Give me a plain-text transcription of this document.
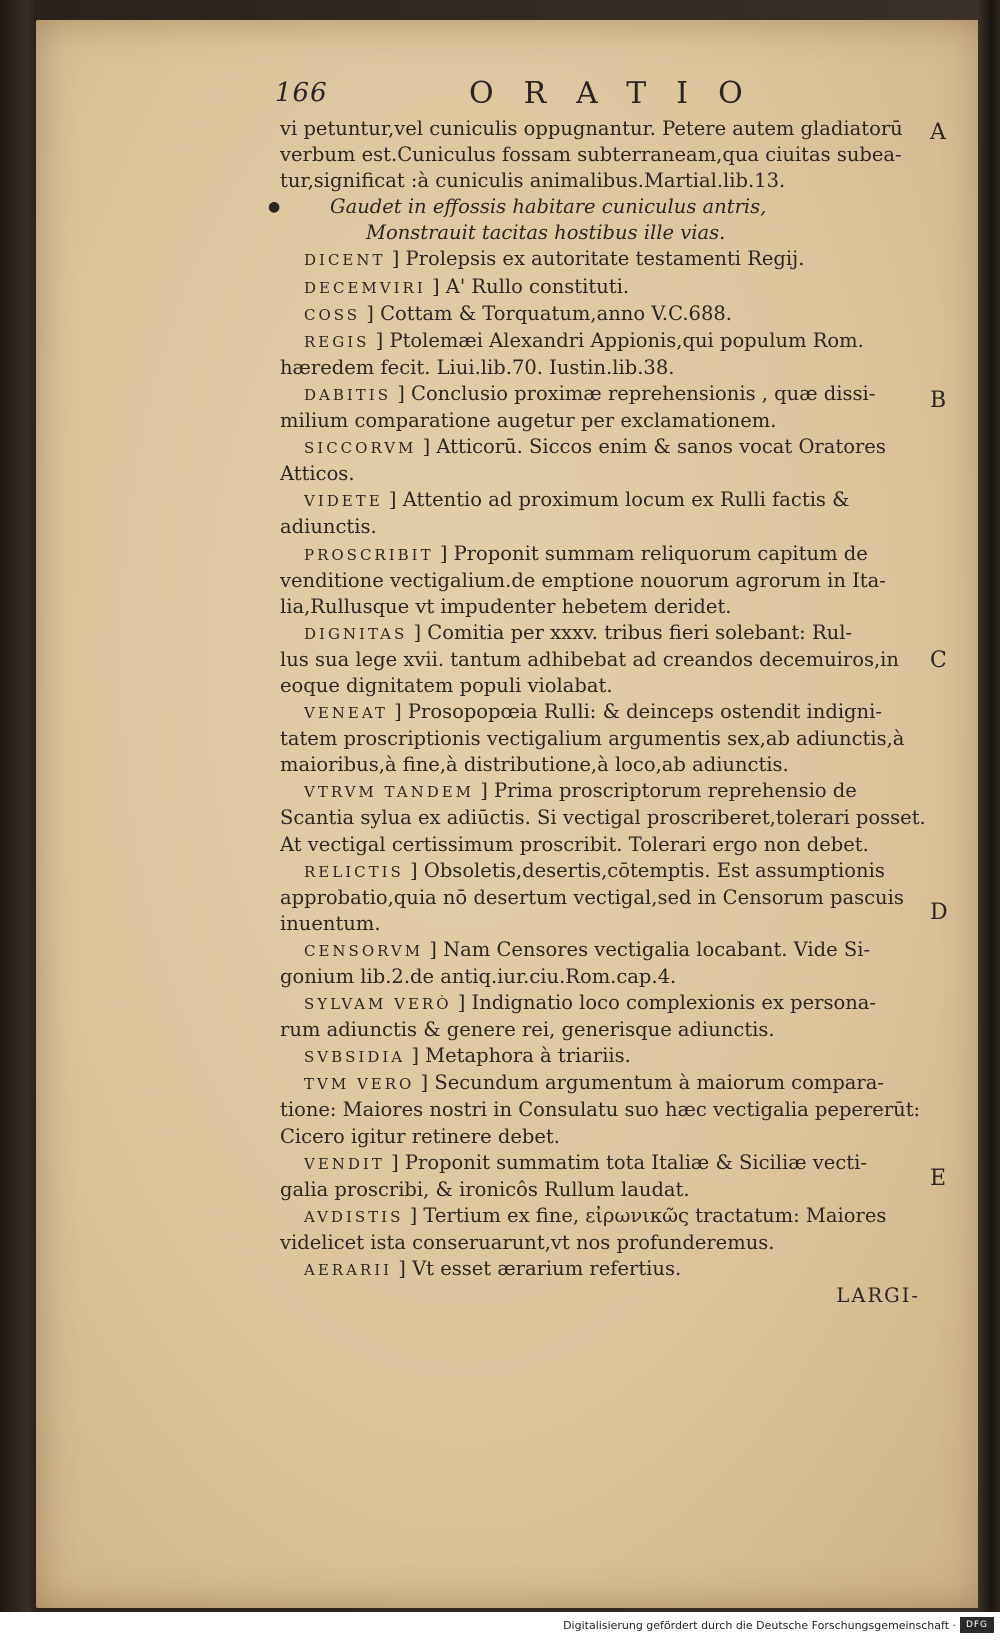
166	ORATIO
●
vi petuntur,vel cuniculis oppugnantur. Petere autem gladiatorū
verbum est.Cuniculus fossam subterraneam,qua ciuitas subea-
tur,significat :à cuniculis animalibus.Martial.lib.13.
Gaudet in effossis habitare cuniculus antris,
Monstrauit tacitas hostibus ille vias.
DICENT ] Prolepsis ex autoritate testamenti Regij.
DECEMVIRI ] A' Rullo constituti.
COSS ] Cottam & Torquatum,anno V.C.688.
REGIS ] Ptolemæi Alexandri Appionis,qui populum Rom.
hæredem fecit. Liui.lib.70. Iustin.lib.38.
DABITIS ] Conclusio proximæ reprehensionis , quæ dissi-
milium comparatione augetur per exclamationem.
SICCORVM ] Atticorū. Siccos enim & sanos vocat Oratores
Atticos.
VIDETE ] Attentio ad proximum locum ex Rulli factis &
adiunctis.
PROSCRIBIT ] Proponit summam reliquorum capitum de
venditione vectigalium.de emptione nouorum agrorum in Ita-
lia,Rullusque vt impudenter hebetem deridet.
DIGNITAS ] Comitia per xxxv. tribus fieri solebant: Rul-
lus sua lege xvii. tantum adhibebat ad creandos decemuiros,in
eoque dignitatem populi violabat.
VENEAT ] Prosopopœia Rulli: & deinceps ostendit indigni-
tatem proscriptionis vectigalium argumentis sex,ab adiunctis,à
maioribus,à fine,à distributione,à loco,ab adiunctis.
VTRVM TANDEM ] Prima proscriptorum reprehensio de
Scantia sylua ex adiūctis. Si vectigal proscriberet,tolerari posset.
At vectigal certissimum proscribit. Tolerari ergo non debet.
RELICTIS ] Obsoletis,desertis,cōtemptis. Est assumptionis
approbatio,quia nō desertum vectigal,sed in Censorum pascuis
inuentum.
CENSORVM ] Nam Censores vectigalia locabant. Vide Si-
gonium lib.2.de antiq.iur.ciu.Rom.cap.4.
SYLVAM VERÒ ] Indignatio loco complexionis ex persona-
rum adiunctis & genere rei, generisque adiunctis.
SVBSIDIA ] Metaphora à triariis.
TVM VERO ] Secundum argumentum à maiorum compara-
tione: Maiores nostri in Consulatu suo hæc vectigalia pepererūt:
Cicero igitur retinere debet.
VENDIT ] Proponit summatim tota Italiæ & Siciliæ vecti-
galia proscribi, & ironicôs Rullum laudat.
AVDISTIS ] Tertium ex fine, εἰρωνικῶς tractatum: Maiores
videlicet ista conseruarunt,vt nos profunderemus.
AERARII ] Vt esset ærarium refertius.
LARGI-
A
B
C
D
E
Digitalisierung gefördert durch die Deutsche Forschungsgemeinschaft ·	DFG
